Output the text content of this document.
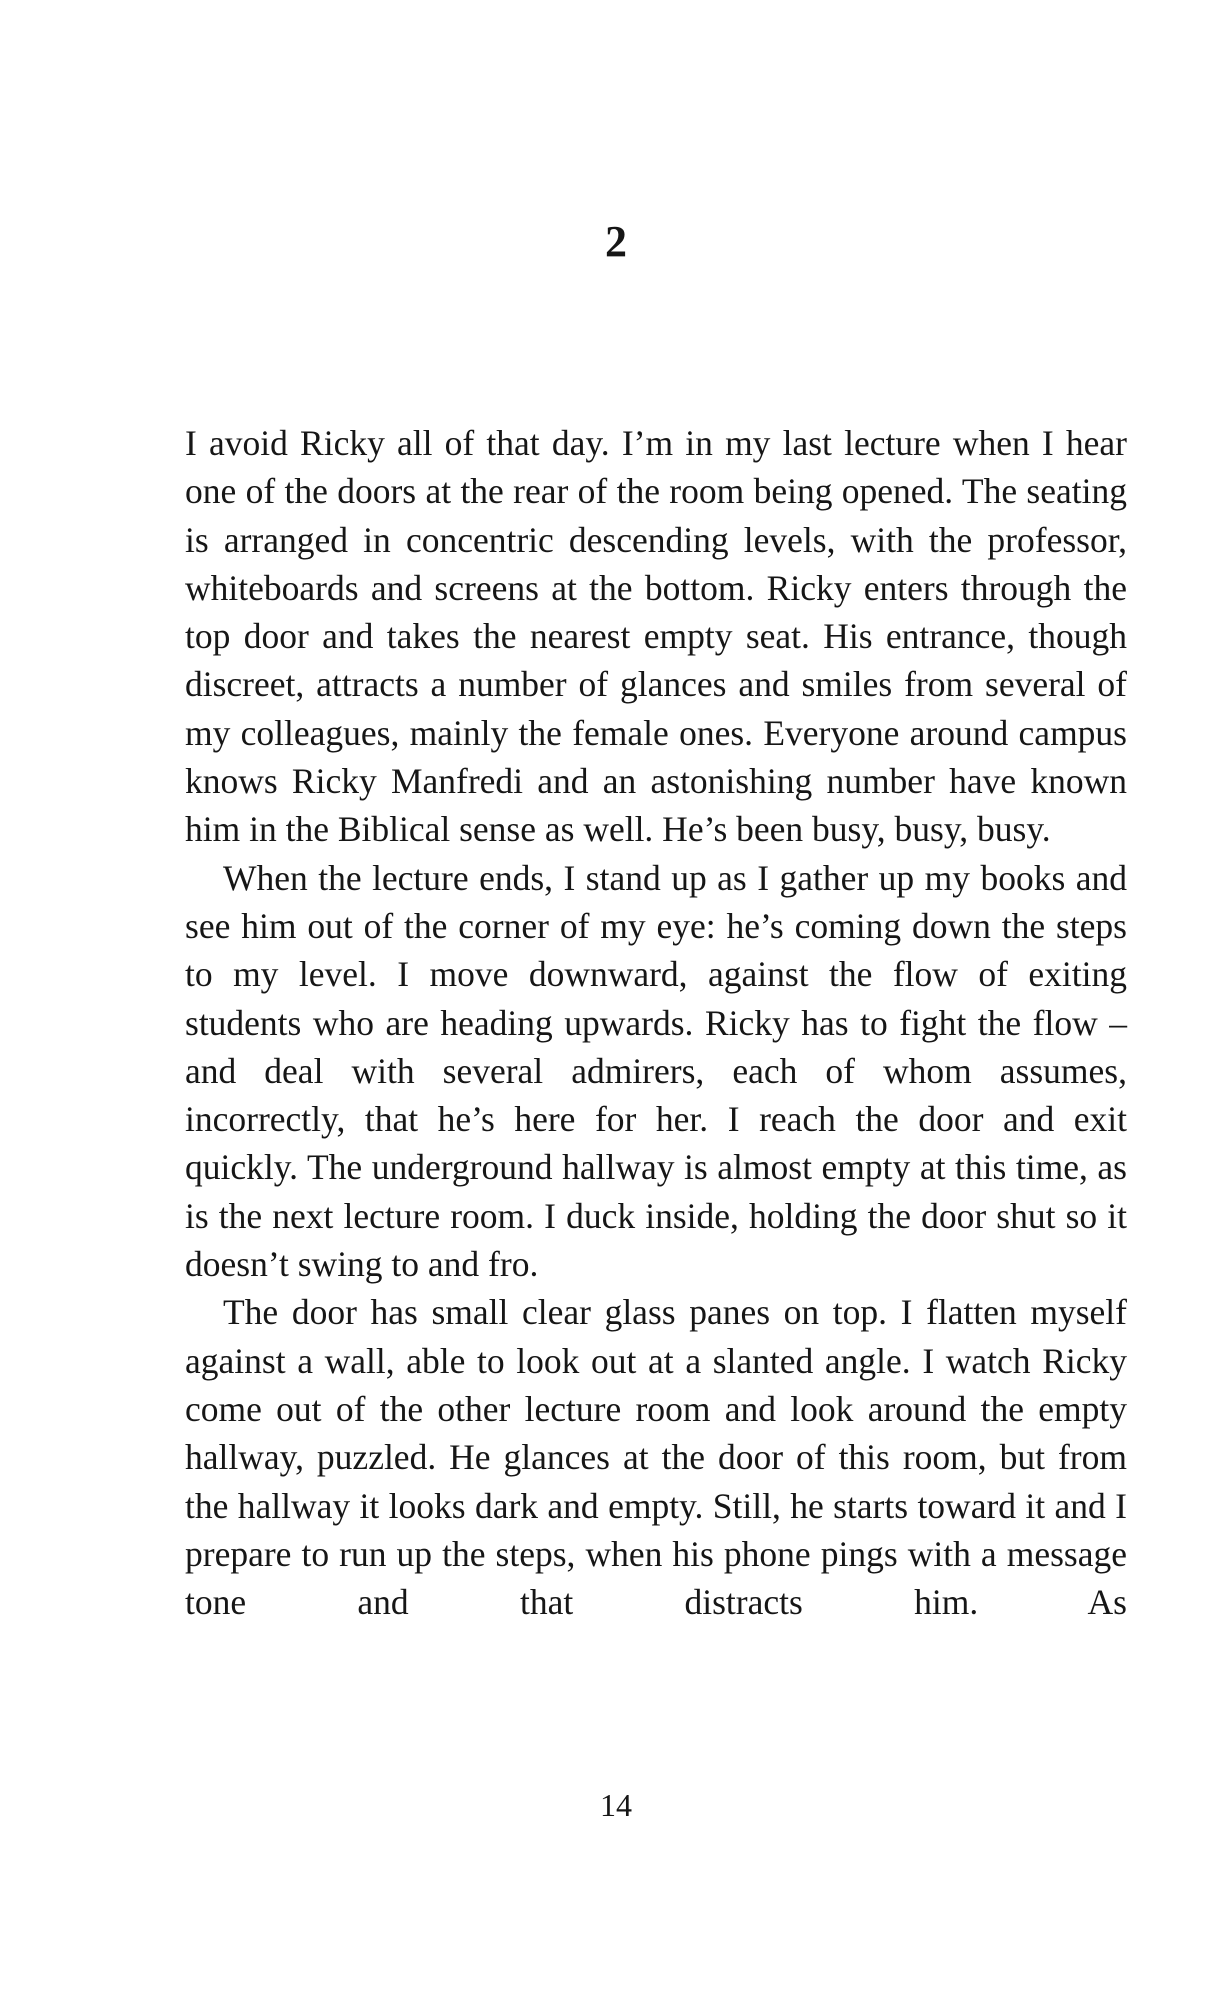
2

I avoid Ricky all of that day. I’m in my last lecture when I hear one of the doors at the rear of the room being opened. The seating is arranged in concentric descending levels, with the professor, whiteboards and screens at the bottom. Ricky enters through the top door and takes the nearest empty seat. His entrance, though discreet, attracts a number of glances and smiles from several of my colleagues, mainly the female ones. Everyone around campus knows Ricky Manfredi and an astonishing number have known him in the Biblical sense as well. He’s been busy, busy, busy.

When the lecture ends, I stand up as I gather up my books and see him out of the corner of my eye: he’s coming down the steps to my level. I move downward, against the flow of exiting students who are heading upwards. Ricky has to fight the flow – and deal with several admirers, each of whom assumes, incorrectly, that he’s here for her. I reach the door and exit quickly. The underground hallway is almost empty at this time, as is the next lecture room. I duck inside, holding the door shut so it doesn’t swing to and fro.

The door has small clear glass panes on top. I flatten myself against a wall, able to look out at a slanted angle. I watch Ricky come out of the other lecture room and look around the empty hallway, puzzled. He glances at the door of this room, but from the hallway it looks dark and empty. Still, he starts toward it and I prepare to run up the steps, when his phone pings with a message tone and that distracts him. As

14
